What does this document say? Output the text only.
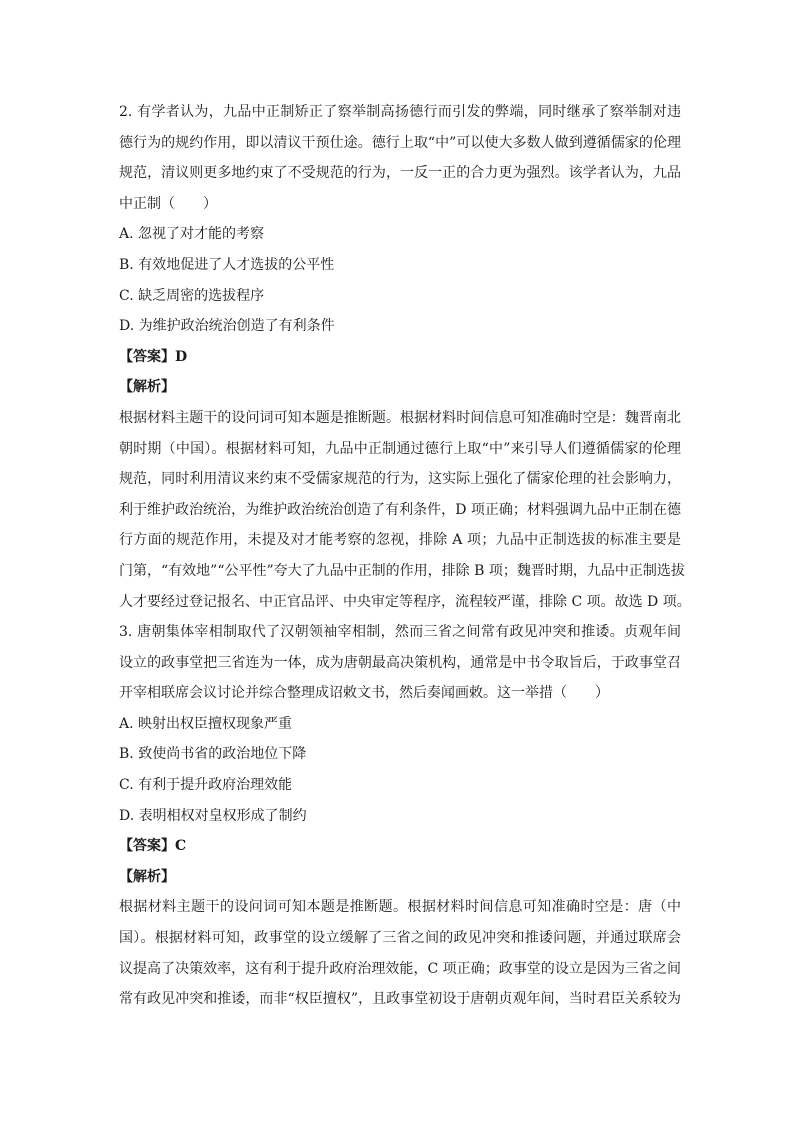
2. 有学者认为，九品中正制矫正了察举制高扬德行而引发的弊端，同时继承了察举制对违
德行为的规约作用，即以清议干预仕途。德行上取“中”可以使大多数人做到遵循儒家的伦理
规范，清议则更多地约束了不受规范的行为，一反一正的合力更为强烈。该学者认为，九品
中正制（　　）
A. 忽视了对才能的考察
B. 有效地促进了人才选拔的公平性
C. 缺乏周密的选拔程序
D. 为维护政治统治创造了有利条件
【答案】D
【解析】
根据材料主题干的设问词可知本题是推断题。根据材料时间信息可知准确时空是：魏晋南北
朝时期（中国）。根据材料可知，九品中正制通过德行上取“中”来引导人们遵循儒家的伦理
规范，同时利用清议来约束不受儒家规范的行为，这实际上强化了儒家伦理的社会影响力，
利于维护政治统治，为维护政治统治创造了有利条件，D 项正确；材料强调九品中正制在德
行方面的规范作用，未提及对才能考察的忽视，排除 A 项；九品中正制选拔的标准主要是
门第，“有效地”“公平性”夸大了九品中正制的作用，排除 B 项；魏晋时期，九品中正制选拔
人才要经过登记报名、中正官品评、中央审定等程序，流程较严谨，排除 C 项。故选 D 项。
3. 唐朝集体宰相制取代了汉朝领袖宰相制，然而三省之间常有政见冲突和推诿。贞观年间
设立的政事堂把三省连为一体，成为唐朝最高决策机构，通常是中书令取旨后，于政事堂召
开宰相联席会议讨论并综合整理成诏敕文书，然后奏闻画敕。这一举措（　　）
A. 映射出权臣擅权现象严重
B. 致使尚书省的政治地位下降
C. 有利于提升政府治理效能
D. 表明相权对皇权形成了制约
【答案】C
【解析】
根据材料主题干的设问词可知本题是推断题。根据材料时间信息可知准确时空是：唐（中
国）。根据材料可知，政事堂的设立缓解了三省之间的政见冲突和推诿问题，并通过联席会
议提高了决策效率，这有利于提升政府治理效能，C 项正确；政事堂的设立是因为三省之间
常有政见冲突和推诿，而非“权臣擅权”，且政事堂初设于唐朝贞观年间，当时君臣关系较为
